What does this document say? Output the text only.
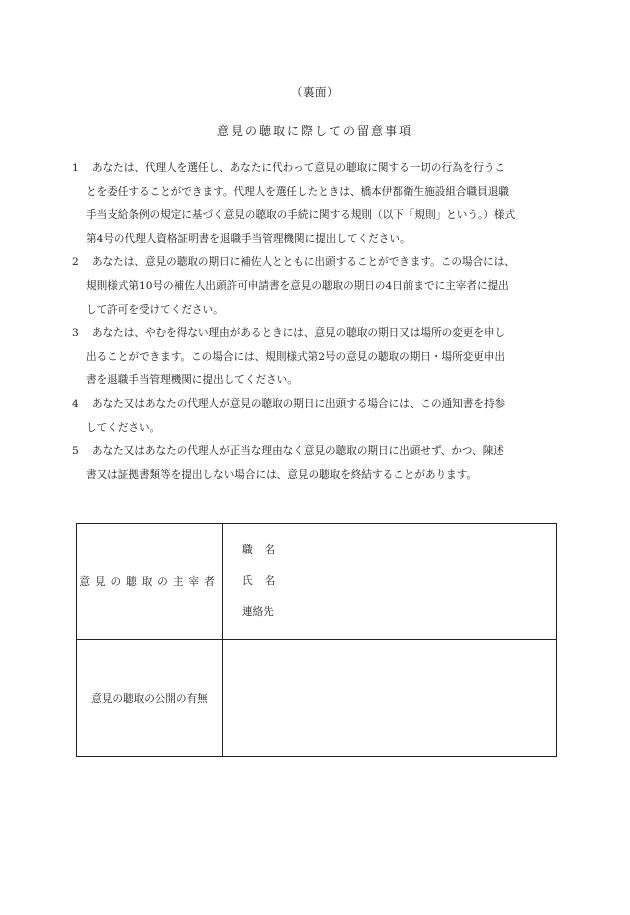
（裏面）
意見の聴取に際しての留意事項
1	あなたは、代理人を選任し、あなたに代わって意見の聴取に関する一切の行為を行うこ
とを委任することができます。代理人を選任したときは、橋本伊都衛生施設組合職員退職
手当支給条例の規定に基づく意見の聴取の手続に関する規則（以下「規則」という。）様式
第4号の代理人資格証明書を退職手当管理機関に提出してください。
2	あなたは、意見の聴取の期日に補佐人とともに出頭することができます。この場合には、
規則様式第10号の補佐人出頭許可申請書を意見の聴取の期日の4日前までに主宰者に提出
して許可を受けてください。
3	あなたは、やむを得ない理由があるときには、意見の聴取の期日又は場所の変更を申し
出ることができます。この場合には、規則様式第2号の意見の聴取の期日・場所変更申出
書を退職手当管理機関に提出してください。
4	あなた又はあなたの代理人が意見の聴取の期日に出頭する場合には、この通知書を持参
してください。
5	あなた又はあなたの代理人が正当な理由なく意見の聴取の期日に出頭せず、かつ、陳述
書又は証拠書類等を提出しない場合には、意見の聴取を終結することがあります。
意見の聴取の主宰者	職名
氏名
連絡先

意見の聴取の公開の有無	
